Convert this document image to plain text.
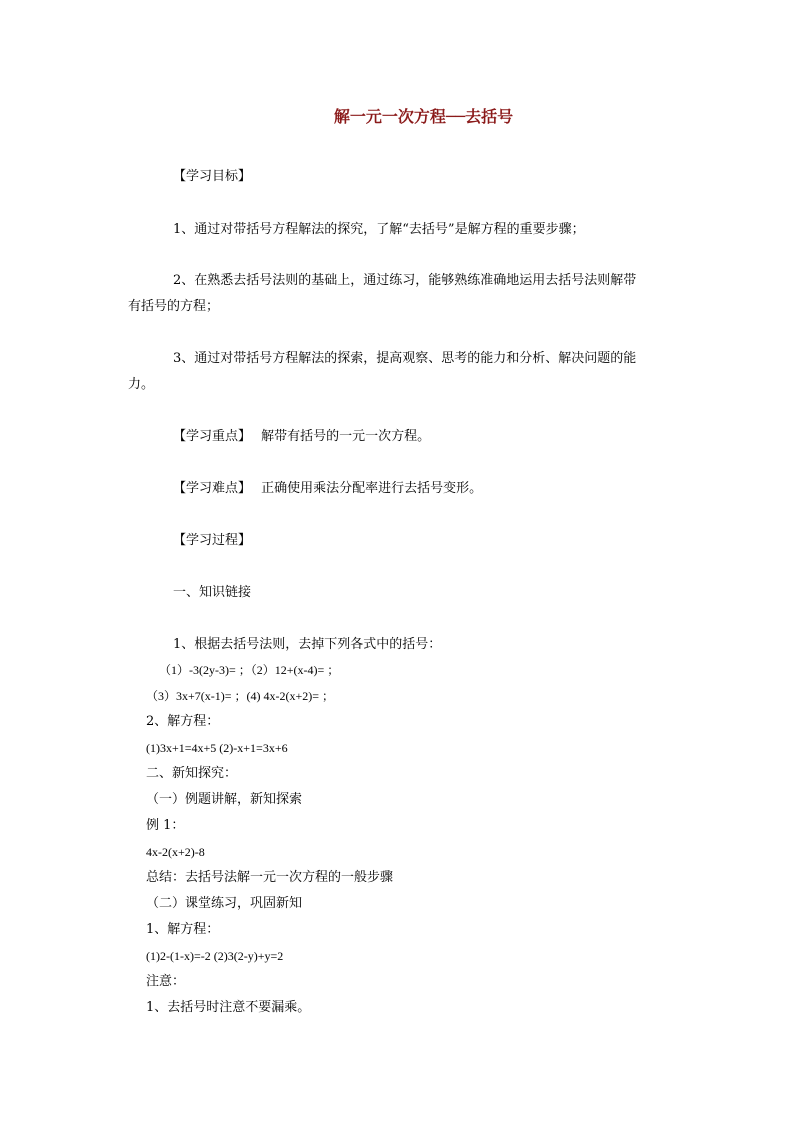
解一元一次方程──去括号
【学习目标】
1、通过对带括号方程解法的探究，了解“去括号”是解方程的重要步骤；
2、在熟悉去括号法则的基础上，通过练习，能够熟练准确地运用去括号法则解带
有括号的方程；
3、通过对带括号方程解法的探索，提高观察、思考的能力和分析、解决问题的能
力。
【学习重点】 解带有括号的一元一次方程。
【学习难点】 正确使用乘法分配率进行去括号变形。
【学习过程】
一、知识链接
1、根据去括号法则，去掉下列各式中的括号：
（1）-3(2y-3)= ；（2）12+(x-4)= ；
（3）3x+7(x-1)= ；(4) 4x-2(x+2)= ；
2、解方程：
(1)3x+1=4x+5 (2)-x+1=3x+6
二、新知探究：
（一）例题讲解，新知探索
例 1：
4x-2(x+2)-8
总结：去括号法解一元一次方程的一般步骤
（二）课堂练习，巩固新知
1、解方程：
(1)2-(1-x)=-2 (2)3(2-y)+y=2
注意：
1、去括号时注意不要漏乘。
